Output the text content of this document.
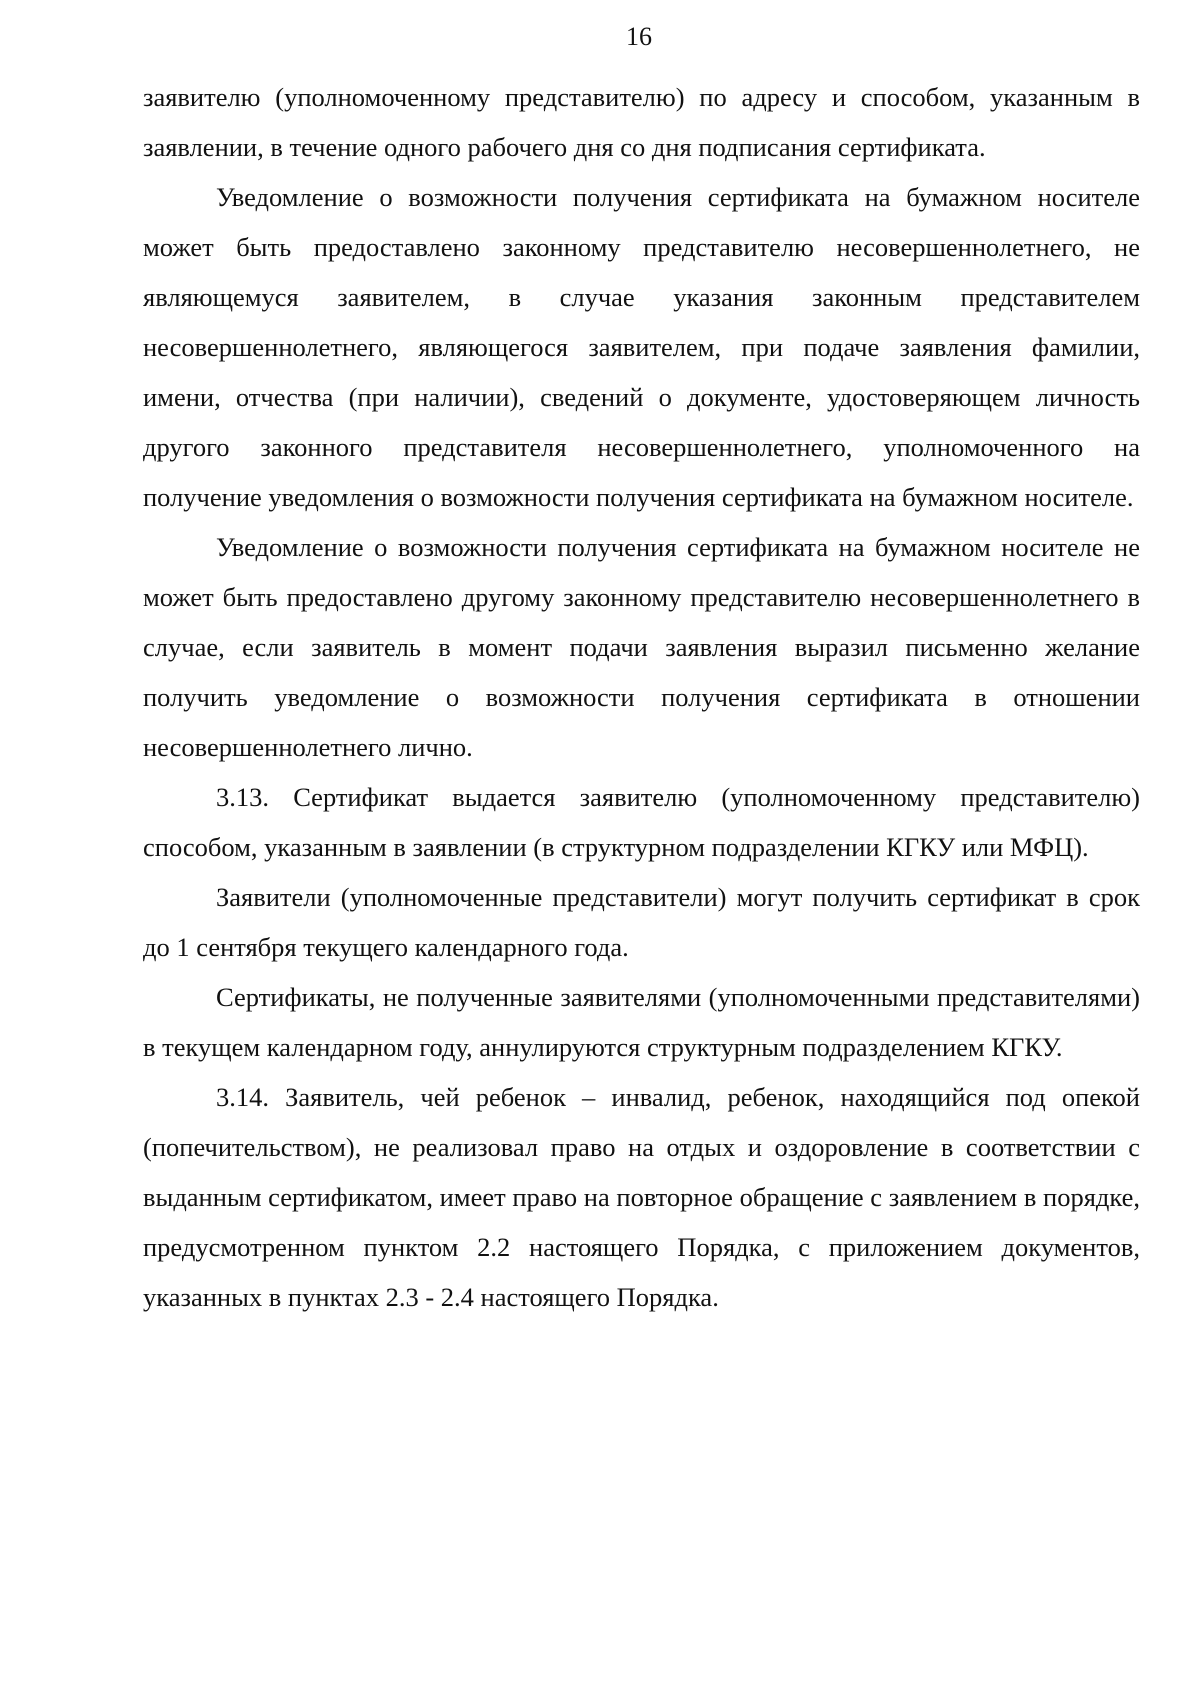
16

заявителю (уполномоченному представителю) по адресу и способом, указанным в заявлении, в течение одного рабочего дня со дня подписания сертификата.

Уведомление о возможности получения сертификата на бумажном носителе может быть предоставлено законному представителю несовершеннолетнего, не являющемуся заявителем, в случае указания законным представителем несовершеннолетнего, являющегося заявителем, при подаче заявления фамилии, имени, отчества (при наличии), сведений о документе, удостоверяющем личность другого законного представителя несовершеннолетнего, уполномоченного на получение уведомления о возможности получения сертификата на бумажном носителе.

Уведомление о возможности получения сертификата на бумажном носителе не может быть предоставлено другому законному представителю несовершеннолетнего в случае, если заявитель в момент подачи заявления выразил письменно желание получить уведомление о возможности получения сертификата в отношении несовершеннолетнего лично.

3.13. Сертификат выдается заявителю (уполномоченному представителю) способом, указанным в заявлении (в структурном подразделении КГКУ или МФЦ).

Заявители (уполномоченные представители) могут получить сертификат в срок до 1 сентября текущего календарного года.

Сертификаты, не полученные заявителями (уполномоченными представителями) в текущем календарном году, аннулируются структурным подразделением КГКУ.

3.14. Заявитель, чей ребенок – инвалид, ребенок, находящийся под опекой (попечительством), не реализовал право на отдых и оздоровление в соответствии с выданным сертификатом, имеет право на повторное обращение с заявлением в порядке, предусмотренном пунктом 2.2 настоящего Порядка, с приложением документов, указанных в пунктах 2.3 - 2.4 настоящего Порядка.
